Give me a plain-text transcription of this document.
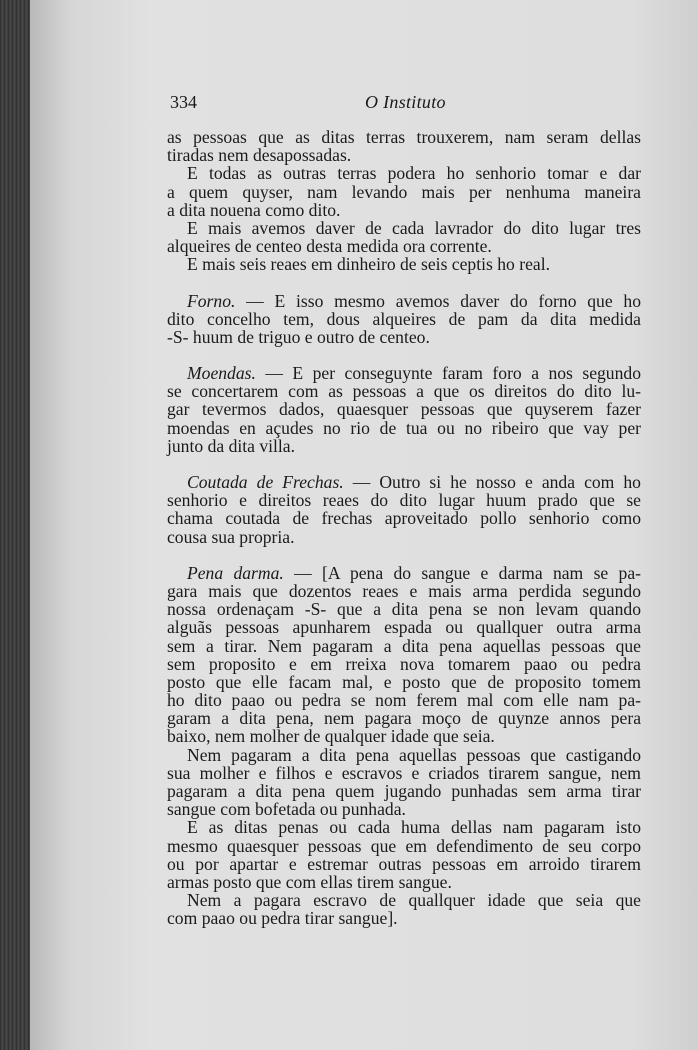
334	O Instituto
as pessoas que as ditas terras trouxerem, nam seram dellas
tiradas nem desapossadas.
E todas as outras terras podera ho senhorio tomar e dar
a quem quyser, nam levando mais per nenhuma maneira
a dita nouena como dito.
E mais avemos daver de cada lavrador do dito lugar tres
alqueires de centeo desta medida ora corrente.
E mais seis reaes em dinheiro de seis ceptis ho real.
Forno. — E isso mesmo avemos daver do forno que ho
dito concelho tem, dous alqueires de pam da dita medida
-S- huum de triguo e outro de centeo.
Moendas. — E per conseguynte faram foro a nos segundo
se concertarem com as pessoas a que os direitos do dito lu-
gar tevermos dados, quaesquer pessoas que quyserem fazer
moendas en açudes no rio de tua ou no ribeiro que vay per
junto da dita villa.
Coutada de Frechas. — Outro si he nosso e anda com ho
senhorio e direitos reaes do dito lugar huum prado que se
chama coutada de frechas aproveitado pollo senhorio como
cousa sua propria.
Pena darma. — [A pena do sangue e darma nam se pa-
gara mais que dozentos reaes e mais arma perdida segundo
nossa ordenaçam -S- que a dita pena se non levam quando
alguãs pessoas apunharem espada ou quallquer outra arma
sem a tirar. Nem pagaram a dita pena aquellas pessoas que
sem proposito e em rreixa nova tomarem paao ou pedra
posto que elle facam mal, e posto que de proposito tomem
ho dito paao ou pedra se nom ferem mal com elle nam pa-
garam a dita pena, nem pagara moço de quynze annos pera
baixo, nem molher de qualquer idade que seia.
Nem pagaram a dita pena aquellas pessoas que castigando
sua molher e filhos e escravos e criados tirarem sangue, nem
pagaram a dita pena quem jugando punhadas sem arma tirar
sangue com bofetada ou punhada.
E as ditas penas ou cada huma dellas nam pagaram isto
mesmo quaesquer pessoas que em defendimento de seu corpo
ou por apartar e estremar outras pessoas em arroido tirarem
armas posto que com ellas tirem sangue.
Nem a pagara escravo de quallquer idade que seia que
com paao ou pedra tirar sangue].
